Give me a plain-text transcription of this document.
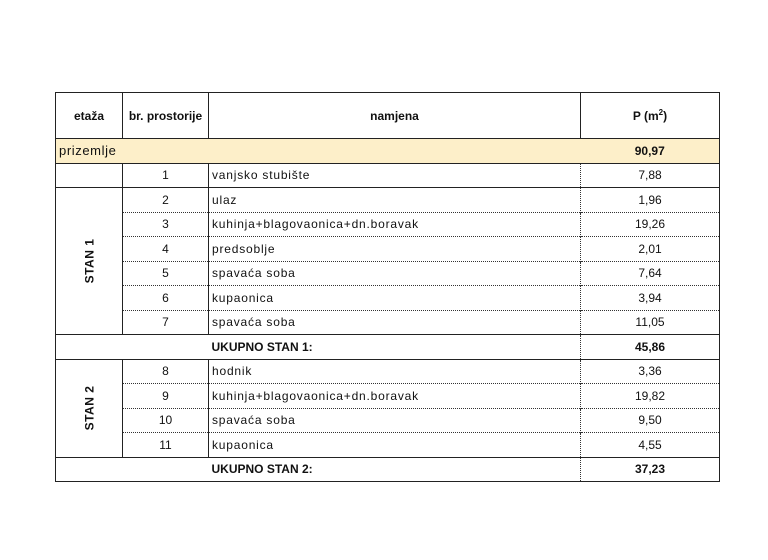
etaža	br. prostorije	namjena	P $(m^2)$
prizemlje			90,97
	1	vanjsko stubište	7,88

STAN 1	2	ulaz	1,96
	3	kuhinja+blagovaonica+dn.boravak	19,26
	4	predsoblje	2,01
	5	spavaća soba	7,64
	6	kupaonica	3,94
	7	spavaća soba	11,05
		UKUPNO STAN 1:	45,86

STAN 2	8	hodnik	3,36
	9	kuhinja+blagovaonica+dn.boravak	19,82
	10	spavaća soba	9,50
	11	kupaonica	4,55
		UKUPNO STAN 2:	37,23
